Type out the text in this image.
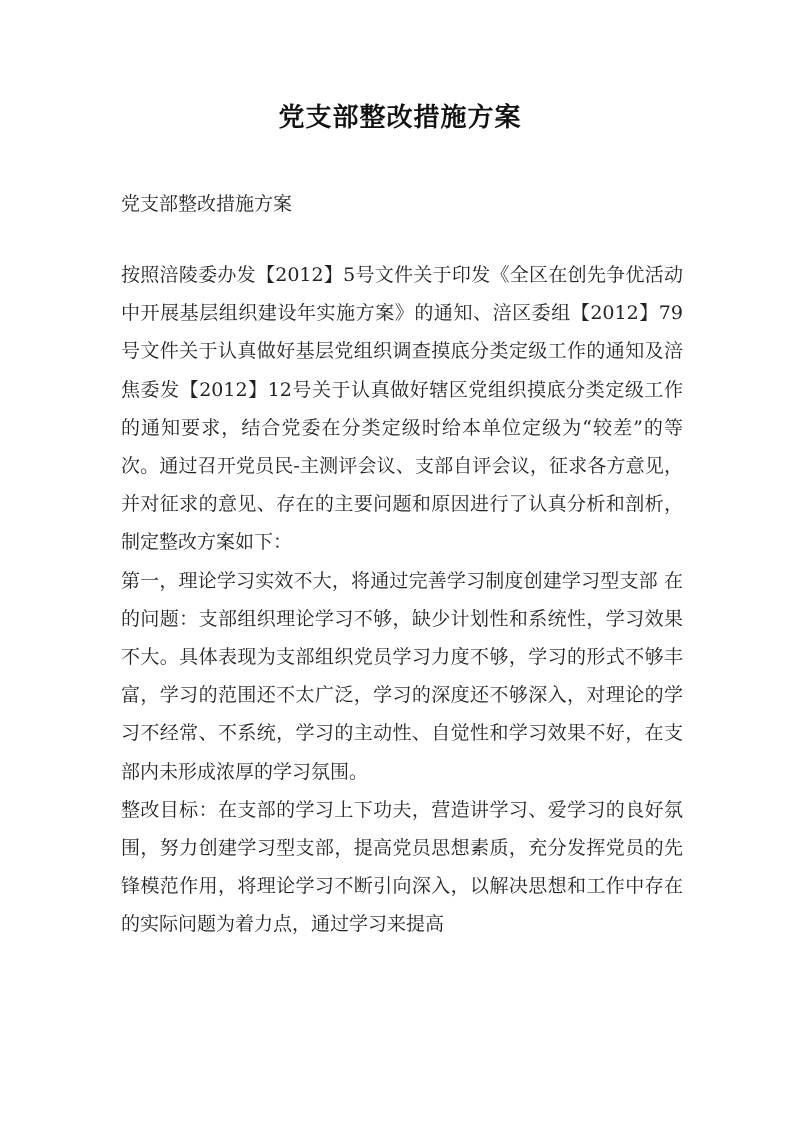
党支部整改措施方案
党支部整改措施方案

按照涪陵委办发【2012】5号文件关于印发《全区在创先争优活动中开展基层组织建设年实施方案》的通知、涪区委组【2012】79号文件关于认真做好基层党组织调查摸底分类定级工作的通知及涪焦委发【2012】12号关于认真做好辖区党组织摸底分类定级工作的通知要求，结合党委在分类定级时给本单位定级为“较差”的等次。通过召开党员民-主测评会议、支部自评会议，征求各方意见，并对征求的意见、存在的主要问题和原因进行了认真分析和剖析，制定整改方案如下：

第一，理论学习实效不大，将通过完善学习制度创建学习型支部 在的问题：支部组织理论学习不够，缺少计划性和系统性，学习效果不大。具体表现为支部组织党员学习力度不够，学习的形式不够丰富，学习的范围还不太广泛，学习的深度还不够深入，对理论的学习不经常、不系统，学习的主动性、自觉性和学习效果不好，在支部内未形成浓厚的学习氛围。

整改目标：在支部的学习上下功夫，营造讲学习、爱学习的良好氛围，努力创建学习型支部，提高党员思想素质，充分发挥党员的先锋模范作用，将理论学习不断引向深入，以解决思想和工作中存在的实际问题为着力点，通过学习来提高
